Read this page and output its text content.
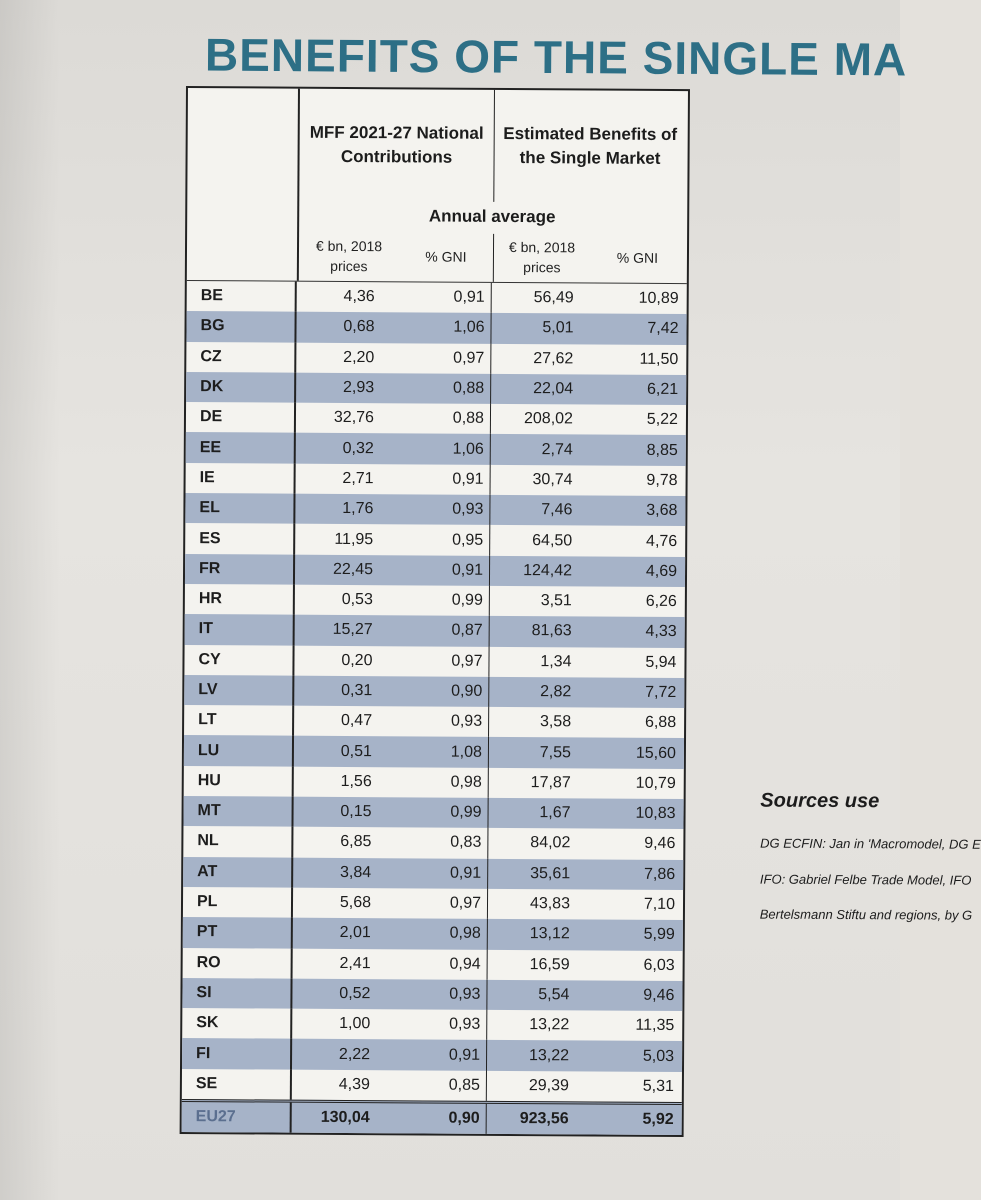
BENEFITS OF THE SINGLE MA
MFF 2021-27 National Contributions
Estimated Benefits of the Single Market
Annual average
€ bn, 2018 prices
% GNI
€ bn, 2018 prices
% GNI
BE	4,36	0,91	56,49	10,89
BG	0,68	1,06	5,01	7,42
CZ	2,20	0,97	27,62	11,50
DK	2,93	0,88	22,04	6,21
DE	32,76	0,88	208,02	5,22
EE	0,32	1,06	2,74	8,85
IE	2,71	0,91	30,74	9,78
EL	1,76	0,93	7,46	3,68
ES	11,95	0,95	64,50	4,76
FR	22,45	0,91	124,42	4,69
HR	0,53	0,99	3,51	6,26
IT	15,27	0,87	81,63	4,33
CY	0,20	0,97	1,34	5,94
LV	0,31	0,90	2,82	7,72
LT	0,47	0,93	3,58	6,88
LU	0,51	1,08	7,55	15,60
HU	1,56	0,98	17,87	10,79
MT	0,15	0,99	1,67	10,83
NL	6,85	0,83	84,02	9,46
AT	3,84	0,91	35,61	7,86
PL	5,68	0,97	43,83	7,10
PT	2,01	0,98	13,12	5,99
RO	2,41	0,94	16,59	6,03
SI	0,52	0,93	5,54	9,46
SK	1,00	0,93	13,22	11,35
FI	2,22	0,91	13,22	5,03
SE	4,39	0,85	29,39	5,31
EU27	130,04	0,90	923,56	5,92
Sources use
DG ECFIN: Jan in 'Macromodel, DG E
IFO: Gabriel Felbe Trade Model, IFO
Bertelsmann Stiftu and regions, by G
